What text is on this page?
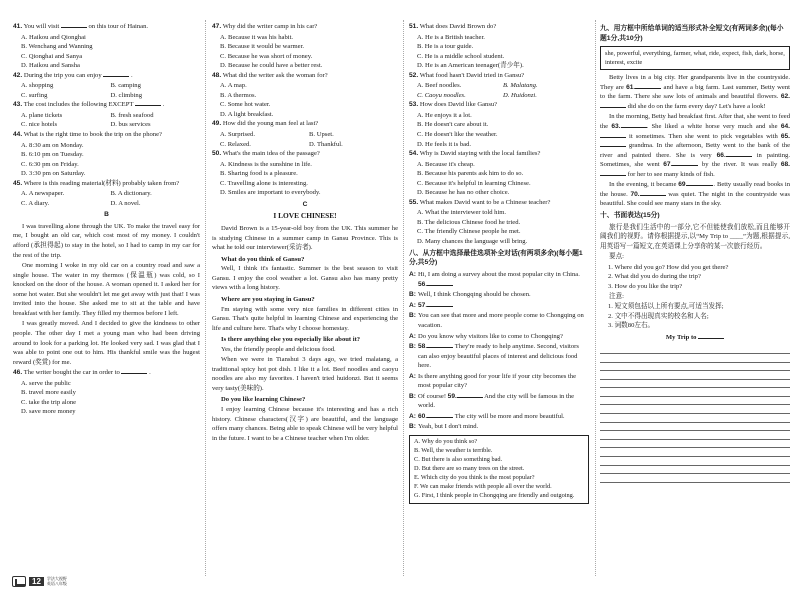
41. You will visit	on this tour of Hainan.
A. Haikou and Qionghai
B. Wenchang and Wanning
C. Qionghai and Sanya
D. Haikou and Sansha
42. During the trip you can enjoy	.
A. shopping	B. camping
C. surfing	D. climbing
43. The cost includes the following EXCEPT	.
A. plane tickets	B. fresh seafood
C. nice hotels	D. bus services
44. What is the right time to book the trip on the phone?
A. 8:30 am on Monday.
B. 6:10 pm on Tuesday.
C. 6:30 pm on Friday.
D. 3:30 pm on Saturday.
45. Where is this reading material(材料) probably taken from?
A. A newspaper.	B. A dictionary.
C. A diary.	D. A novel.
B
I was travelling alone through the UK. To make the travel easy for me, I bought an old car, which cost most of my money. I couldn't afford (承担得起) to stay in the hotel, so I had to camp in my car for the rest of the trip.
One morning I woke in my old car on a country road and saw a single house. The water in my thermos (保温瓶) was cold, so I knocked on the door of the house. A woman opened it. I asked her for some hot water. But she wouldn't let me get away with just that! I was invited into the house. She asked me to sit at the table and have breakfast with her family. They filled my thermos before I left.
I was greatly moved. And I decided to give the kindness to other people. The other day I met a young man who had been driving around to look for a parking lot. He looked very sad. I was glad that I was able to point one out to him. His thankful smile was the hugest reward (奖赏) for me.
46. The writer bought the car in order to	.
A. serve the public
B. travel more easily
C. take the trip alone
D. save more money
47. Why did the writer camp in his car?
A. Because it was his habit.
B. Because it would be warmer.
C. Because he was short of money.
D. Because he could have a better rest.
48. What did the writer ask the woman for?
A. A map.
B. A thermos.
C. Some hot water.
D. A light breakfast.
49. How did the young man feel at last?
A. Surprised.	B. Upset.
C. Relaxed.	D. Thankful.
50. What's the main idea of the passage?
A. Kindness is the sunshine in life.
B. Sharing food is a pleasure.
C. Travelling alone is interesting.
D. Smiles are important to everybody.
C
I LOVE CHINESE!
David Brown is a 15-year-old boy from the UK. This summer he is studying Chinese in a summer camp in Gansu Province. This is what he told our interviewer(采访者).
What do you think of Gansu?
Well, I think it's fantastic. Summer is the best season to visit Gansu. I enjoy the cool weather a lot. Gansu also has many pretty views with a long history.
Where are you staying in Gansu?
I'm staying with some very nice families in different cities in Gansu. That's quite helpful in learning Chinese and experiencing the life and culture here. That's why I choose homestay.
Is there anything else you especially like about it?
Yes, the friendly people and delicious food.
When we were in Tianshui 3 days ago, we tried malatang, a traditional spicy hot pot dish. I like it a lot. Beef noodles and caoyu noodles are also my favorites. I haven't tried huidonzi. But it seems very tasty(美味的).
Do you like learning Chinese?
I enjoy learning Chinese because it's interesting and has a rich history. Chinese characters(汉字) are beautiful, and the language offers many chances. Being able to speak Chinese will be very helpful in the future. I want to be a Chinese teacher when I'm older.
51. What does David Brown do?
A. He is a British teacher.
B. He is a tour guide.
C. He is a middle school student.
D. He is an American teenager(青少年).
52. What food hasn't David tried in Gansu?
A. Beef noodles.	B. Malatang.
C. Caoyu noodles.	D. Huidonzi.
53. How does David like Gansu?
A. He enjoys it a lot.
B. He doesn't care about it.
C. He doesn't like the weather.
D. He feels it is bad.
54. Why is David staying with the local families?
A. Because it's cheap.
B. Because his parents ask him to do so.
C. Because it's helpful in learning Chinese.
D. Because he has no other choice.
55. What makes David want to be a Chinese teacher?
A. What the interviewer told him.
B. The delicious Chinese food he tried.
C. The friendly Chinese people he met.
D. Many chances the language will bring.
八、从方框中选择最佳选项补全对话(有两项多余)(每小题1分,共5分)
A: Hi, I am doing a survey about the most popular city in China. 56.
B: Well, I think Chongqing should be chosen.
A: 57.
B: You can see that more and more people come to Chongqing on vacation.
A: Do you know why visitors like to come to Chongqing?
B: 58.	They're ready to help anytime. Second, visitors can also enjoy beautiful places of interest and delicious food here.
A: Is there anything good for your life if your city becomes the most popular city?
B: Of course! 59.	And the city will be famous in the world.
A: 60.	The city will be more and more beautiful.
B: Yeah, but I don't mind.
A. Why do you think so?
B. Well, the weather is terrible.
C. But there is also something bad.
D. But there are so many trees on the street.
E. Which city do you think is the most popular?
F. We can make friends with people all over the world.
G. First, I think people in Chongqing are friendly and outgoing.
九、用方框中所给单词的适当形式补全短文(有两词多余)(每小题1分,共10分)
she, powerful, everything, farmer, what, ride, expect, fish, dark, horse, interest, excite
Betty lives in a big city. Her grandparents live in the countryside. They are 61.	and have a big farm. Last summer, Betty went to the farm. There she saw lots of animals and beautiful flowers. 62. did she do on the farm every day? Let's have a look!
In the morning, Betty had breakfast first. After that, she went to feed the 63.	. She liked a white horse very much and she 64. it sometimes. Then she went to pick vegetables with 65. grandma. In the afternoon, Betty went to the bank of the river and painted there. She is very 66.	in painting. Sometimes, she went 67.	by the river. It was really 68. for her to see many kinds of fish.
In the evening, it became 69.	. Betty usually read books in the house. 70.	was quiet. The night in the countryside was beautiful. She could see many stars in the sky.
十、书面表达(15分)
旅行是我们生活中的一部分,它不但能使我们放松,而且能够开阔我们的视野。请你根据提示,以“My Trip to ____”为题,根据提示,用英语写一篇短文,在英语课上分享你的某一次旅行经历。
要点:
1. Where did you go? How did you get there?
2. What did you do during the trip?
3. How do you like the trip?
注意:
1. 短文须包括以上所有要点,可适当发挥;
2. 文中不得出现真实的校名和人名;
3. 词数80左右。
My Trip to
12	学法大视野
英语八年级
